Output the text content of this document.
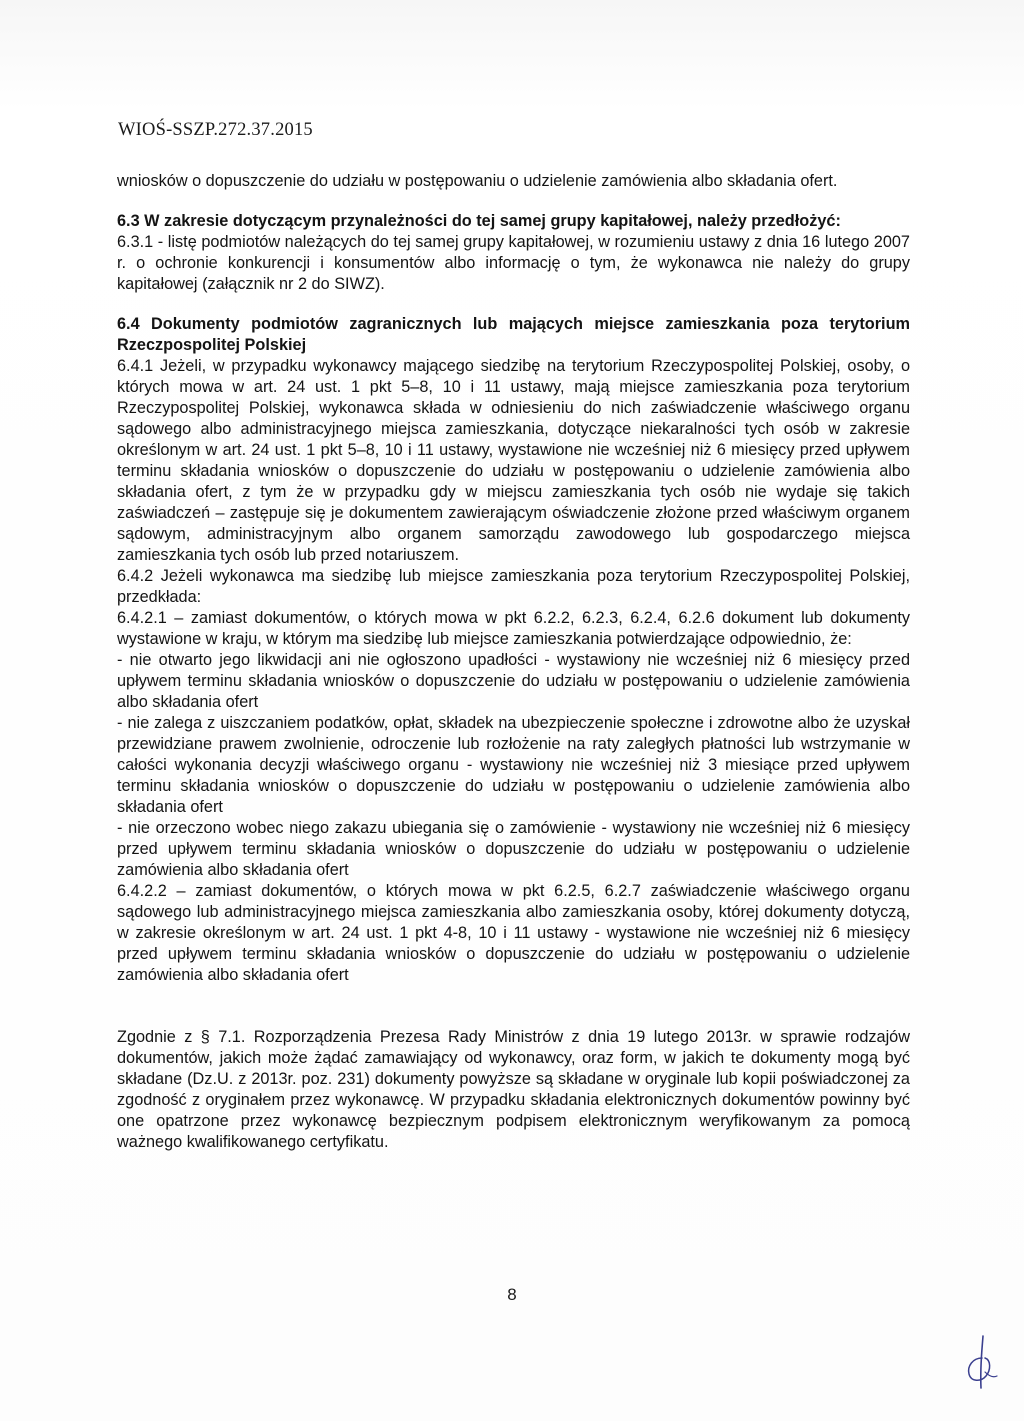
WIOŚ-SSZP.272.37.2015

wniosków o dopuszczenie do udziału w postępowaniu o udzielenie zamówienia albo składania ofert.

6.3 W zakresie dotyczącym przynależności do tej samej grupy kapitałowej, należy przedłożyć:

6.3.1 - listę podmiotów należących do tej samej grupy kapitałowej, w rozumieniu ustawy z dnia 16 lutego 2007 r. o ochronie konkurencji i konsumentów albo informację o tym, że wykonawca nie należy do grupy kapitałowej (załącznik nr 2 do SIWZ).

6.4 Dokumenty podmiotów zagranicznych lub mających miejsce zamieszkania poza terytorium Rzeczpospolitej Polskiej

6.4.1 Jeżeli, w przypadku wykonawcy mającego siedzibę na terytorium Rzeczypospolitej Polskiej, osoby, o których mowa w art. 24 ust. 1 pkt 5–8, 10 i 11 ustawy, mają miejsce zamieszkania poza terytorium Rzeczypospolitej Polskiej, wykonawca składa w odniesieniu do nich zaświadczenie właściwego organu sądowego albo administracyjnego miejsca zamieszkania, dotyczące niekaralności tych osób w zakresie określonym w art. 24 ust. 1 pkt 5–8, 10 i 11 ustawy, wystawione nie wcześniej niż 6 miesięcy przed upływem terminu składania wniosków o dopuszczenie do udziału w postępowaniu o udzielenie zamówienia albo składania ofert, z tym że w przypadku gdy w miejscu zamieszkania tych osób nie wydaje się takich zaświadczeń – zastępuje się je dokumentem zawierającym oświadczenie złożone przed właściwym organem sądowym, administracyjnym albo organem samorządu zawodowego lub gospodarczego miejsca zamieszkania tych osób lub przed notariuszem.

6.4.2 Jeżeli wykonawca ma siedzibę lub miejsce zamieszkania poza terytorium Rzeczypospolitej Polskiej, przedkłada:

6.4.2.1 – zamiast dokumentów, o których mowa w pkt 6.2.2, 6.2.3, 6.2.4, 6.2.6 dokument lub dokumenty wystawione w kraju, w którym ma siedzibę lub miejsce zamieszkania potwierdzające odpowiednio, że:

- nie otwarto jego likwidacji ani nie ogłoszono upadłości - wystawiony nie wcześniej niż 6 miesięcy przed upływem terminu składania wniosków o dopuszczenie do udziału w postępowaniu o udzielenie zamówienia albo składania ofert

- nie zalega z uiszczaniem podatków, opłat, składek na ubezpieczenie społeczne i zdrowotne albo że uzyskał przewidziane prawem zwolnienie, odroczenie lub rozłożenie na raty zaległych płatności lub wstrzymanie w całości wykonania decyzji właściwego organu - wystawiony nie wcześniej niż 3 miesiące przed upływem terminu składania wniosków o dopuszczenie do udziału w postępowaniu o udzielenie zamówienia albo składania ofert

- nie orzeczono wobec niego zakazu ubiegania się o zamówienie - wystawiony nie wcześniej niż 6 miesięcy przed upływem terminu składania wniosków o dopuszczenie do udziału w postępowaniu o udzielenie zamówienia albo składania ofert

6.4.2.2 – zamiast dokumentów, o których mowa w pkt 6.2.5, 6.2.7 zaświadczenie właściwego organu sądowego lub administracyjnego miejsca zamieszkania albo zamieszkania osoby, której dokumenty dotyczą, w zakresie określonym w art. 24 ust. 1 pkt 4-8, 10 i 11 ustawy - wystawione nie wcześniej niż 6 miesięcy przed upływem terminu składania wniosków o dopuszczenie do udziału w postępowaniu o udzielenie zamówienia albo składania ofert

Zgodnie z § 7.1. Rozporządzenia Prezesa Rady Ministrów z dnia 19 lutego 2013r. w sprawie rodzajów dokumentów, jakich może żądać zamawiający od wykonawcy, oraz form, w jakich te dokumenty mogą być składane (Dz.U. z 2013r. poz. 231) dokumenty powyższe są składane w oryginale lub kopii poświadczonej za zgodność z oryginałem przez wykonawcę. W przypadku składania elektronicznych dokumentów powinny być one opatrzone przez wykonawcę bezpiecznym podpisem elektronicznym weryfikowanym za pomocą ważnego kwalifikowanego certyfikatu.

8
